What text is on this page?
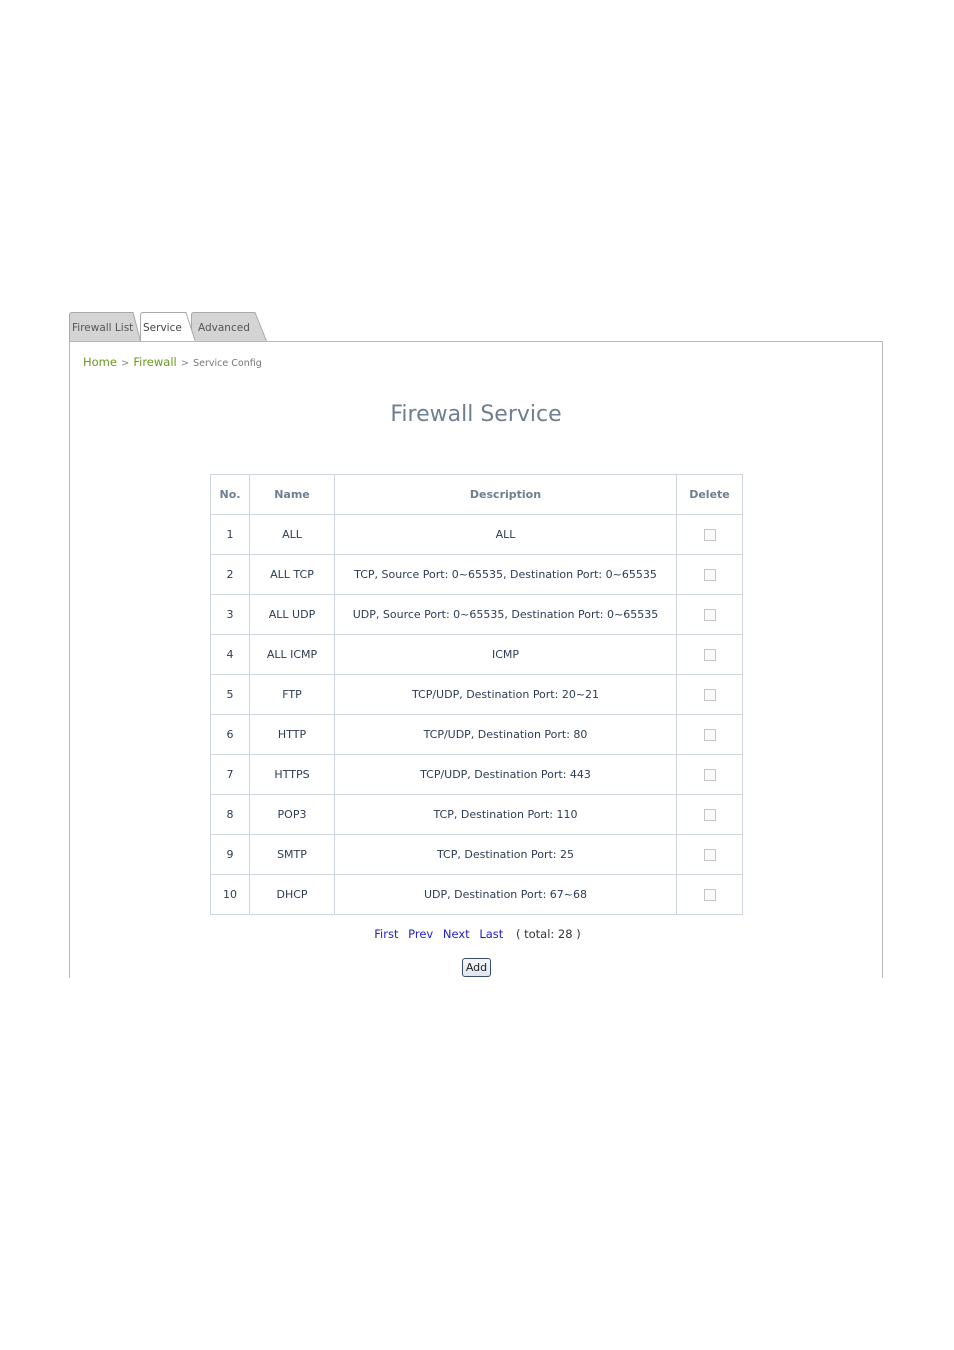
Firewall List	Advanced
Service
Home > Firewall > Service Config
Firewall Service
No.	Name	Description	Delete
1	ALL	ALL	
2	ALL TCP	TCP, Source Port: 0~65535, Destination Port: 0~65535	
3	ALL UDP	UDP, Source Port: 0~65535, Destination Port: 0~65535	
4	ALL ICMP	ICMP	
5	FTP	TCP/UDP, Destination Port: 20~21	
6	HTTP	TCP/UDP, Destination Port: 80	
7	HTTPS	TCP/UDP, Destination Port: 443	
8	POP3	TCP, Destination Port: 110	
9	SMTP	TCP, Destination Port: 25	
10	DHCP	UDP, Destination Port: 67~68	
First Prev Next Last ( total: 28 )
Add
